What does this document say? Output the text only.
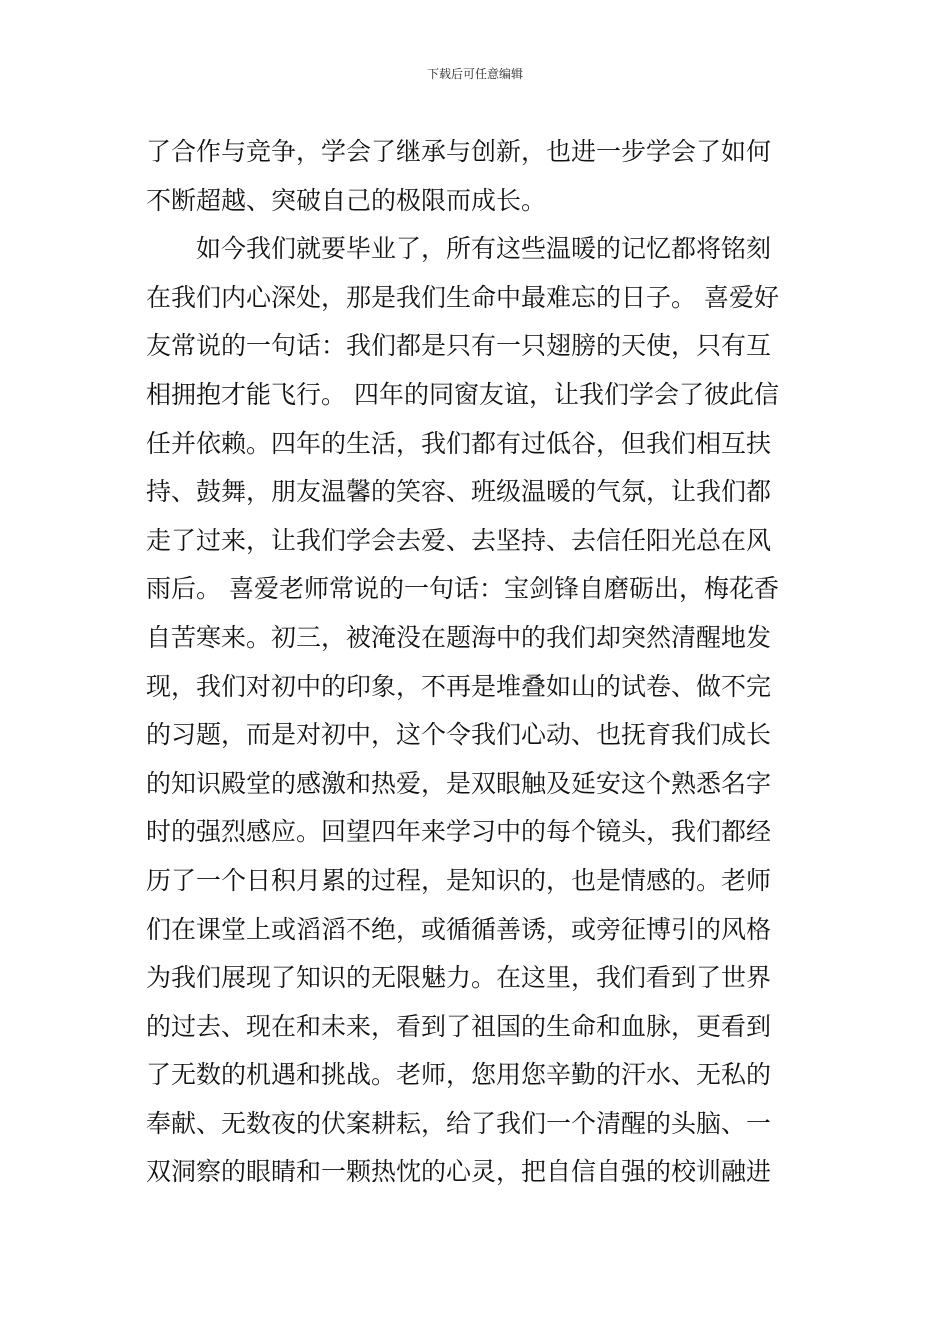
下载后可任意编辑
了合作与竞争，学会了继承与创新，也进一步学会了如何
不断超越、突破自己的极限而成长。
　　如今我们就要毕业了，所有这些温暖的记忆都将铭刻
在我们内心深处，那是我们生命中最难忘的日子。 喜爱好
友常说的一句话：我们都是只有一只翅膀的天使，只有互
相拥抱才能飞行。 四年的同窗友谊，让我们学会了彼此信
任并依赖。四年的生活，我们都有过低谷，但我们相互扶
持、鼓舞，朋友温馨的笑容、班级温暖的气氛，让我们都
走了过来，让我们学会去爱、去坚持、去信任阳光总在风
雨后。 喜爱老师常说的一句话：宝剑锋自磨砺出，梅花香
自苦寒来。初三，被淹没在题海中的我们却突然清醒地发
现，我们对初中的印象，不再是堆叠如山的试卷、做不完
的习题，而是对初中，这个令我们心动、也抚育我们成长
的知识殿堂的感激和热爱，是双眼触及延安这个熟悉名字
时的强烈感应。回望四年来学习中的每个镜头，我们都经
历了一个日积月累的过程，是知识的，也是情感的。老师
们在课堂上或滔滔不绝，或循循善诱，或旁征博引的风格
为我们展现了知识的无限魅力。在这里，我们看到了世界
的过去、现在和未来，看到了祖国的生命和血脉，更看到
了无数的机遇和挑战。老师，您用您辛勤的汗水、无私的
奉献、无数夜的伏案耕耘，给了我们一个清醒的头脑、一
双洞察的眼睛和一颗热忱的心灵，把自信自强的校训融进
